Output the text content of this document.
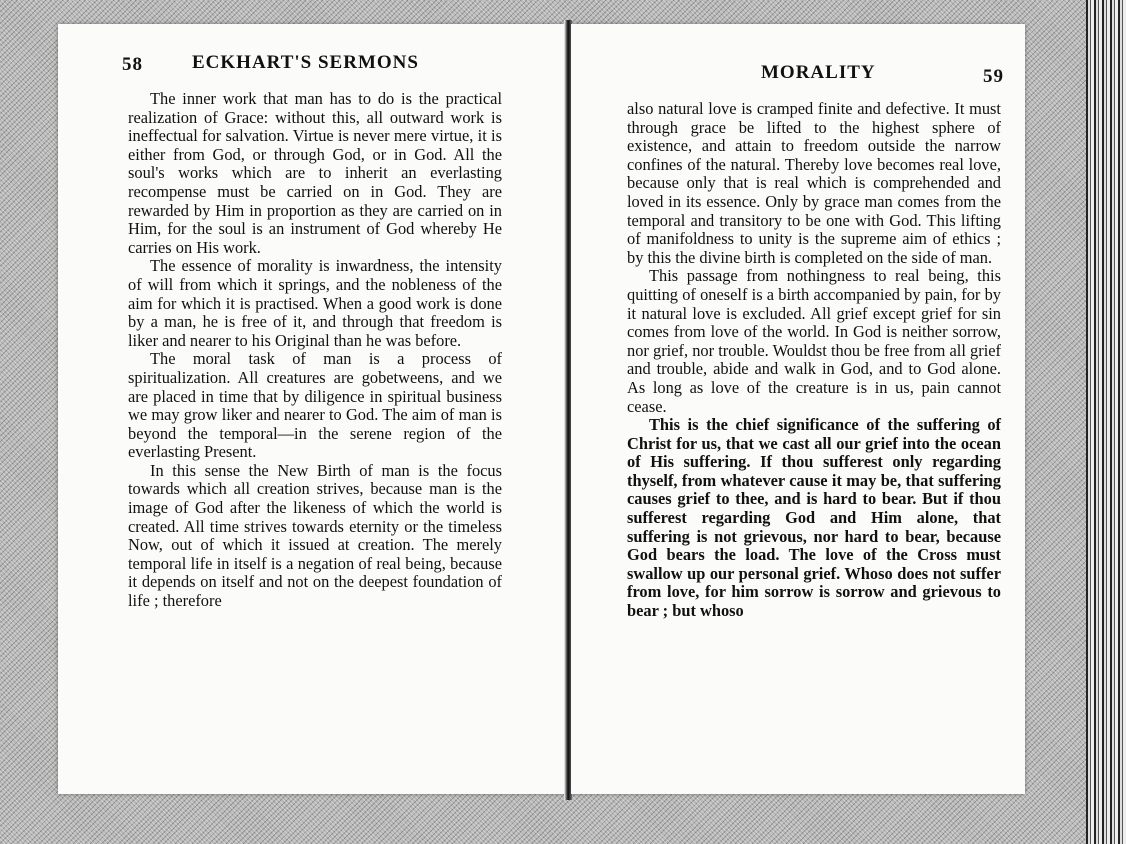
58	ECKHART'S SERMONS

The inner work that man has to do is the practical realization of Grace: without this, all outward work is ineffectual for salvation. Virtue is never mere virtue, it is either from God, or through God, or in God. All the soul's works which are to inherit an everlasting recompense must be carried on in God. They are rewarded by Him in proportion as they are carried on in Him, for the soul is an instrument of God whereby He carries on His work.

The essence of morality is inwardness, the intensity of will from which it springs, and the nobleness of the aim for which it is practised. When a good work is done by a man, he is free of it, and through that freedom is liker and nearer to his Original than he was before.

The moral task of man is a process of spiritualization. All creatures are gobetweens, and we are placed in time that by diligence in spiritual business we may grow liker and nearer to God. The aim of man is beyond the temporal—in the serene region of the everlasting Present.

In this sense the New Birth of man is the focus towards which all creation strives, because man is the image of God after the likeness of which the world is created. All time strives towards eternity or the timeless Now, out of which it issued at creation. The merely temporal life in itself is a negation of real being, because it depends on itself and not on the deepest foundation of life ; therefore

MORALITY	59

also natural love is cramped finite and defective. It must through grace be lifted to the highest sphere of existence, and attain to freedom outside the narrow confines of the natural. Thereby love becomes real love, because only that is real which is comprehended and loved in its essence. Only by grace man comes from the temporal and transitory to be one with God. This lifting of manifoldness to unity is the supreme aim of ethics ; by this the divine birth is completed on the side of man.

This passage from nothingness to real being, this quitting of oneself is a birth accompanied by pain, for by it natural love is excluded. All grief except grief for sin comes from love of the world. In God is neither sorrow, nor grief, nor trouble. Wouldst thou be free from all grief and trouble, abide and walk in God, and to God alone. As long as love of the creature is in us, pain cannot cease.

This is the chief significance of the suffering of Christ for us, that we cast all our grief into the ocean of His suffering. If thou sufferest only regarding thyself, from whatever cause it may be, that suffering causes grief to thee, and is hard to bear. But if thou sufferest regarding God and Him alone, that suffering is not grievous, nor hard to bear, because God bears the load. The love of the Cross must swallow up our personal grief. Whoso does not suffer from love, for him sorrow is sorrow and grievous to bear ; but whoso
